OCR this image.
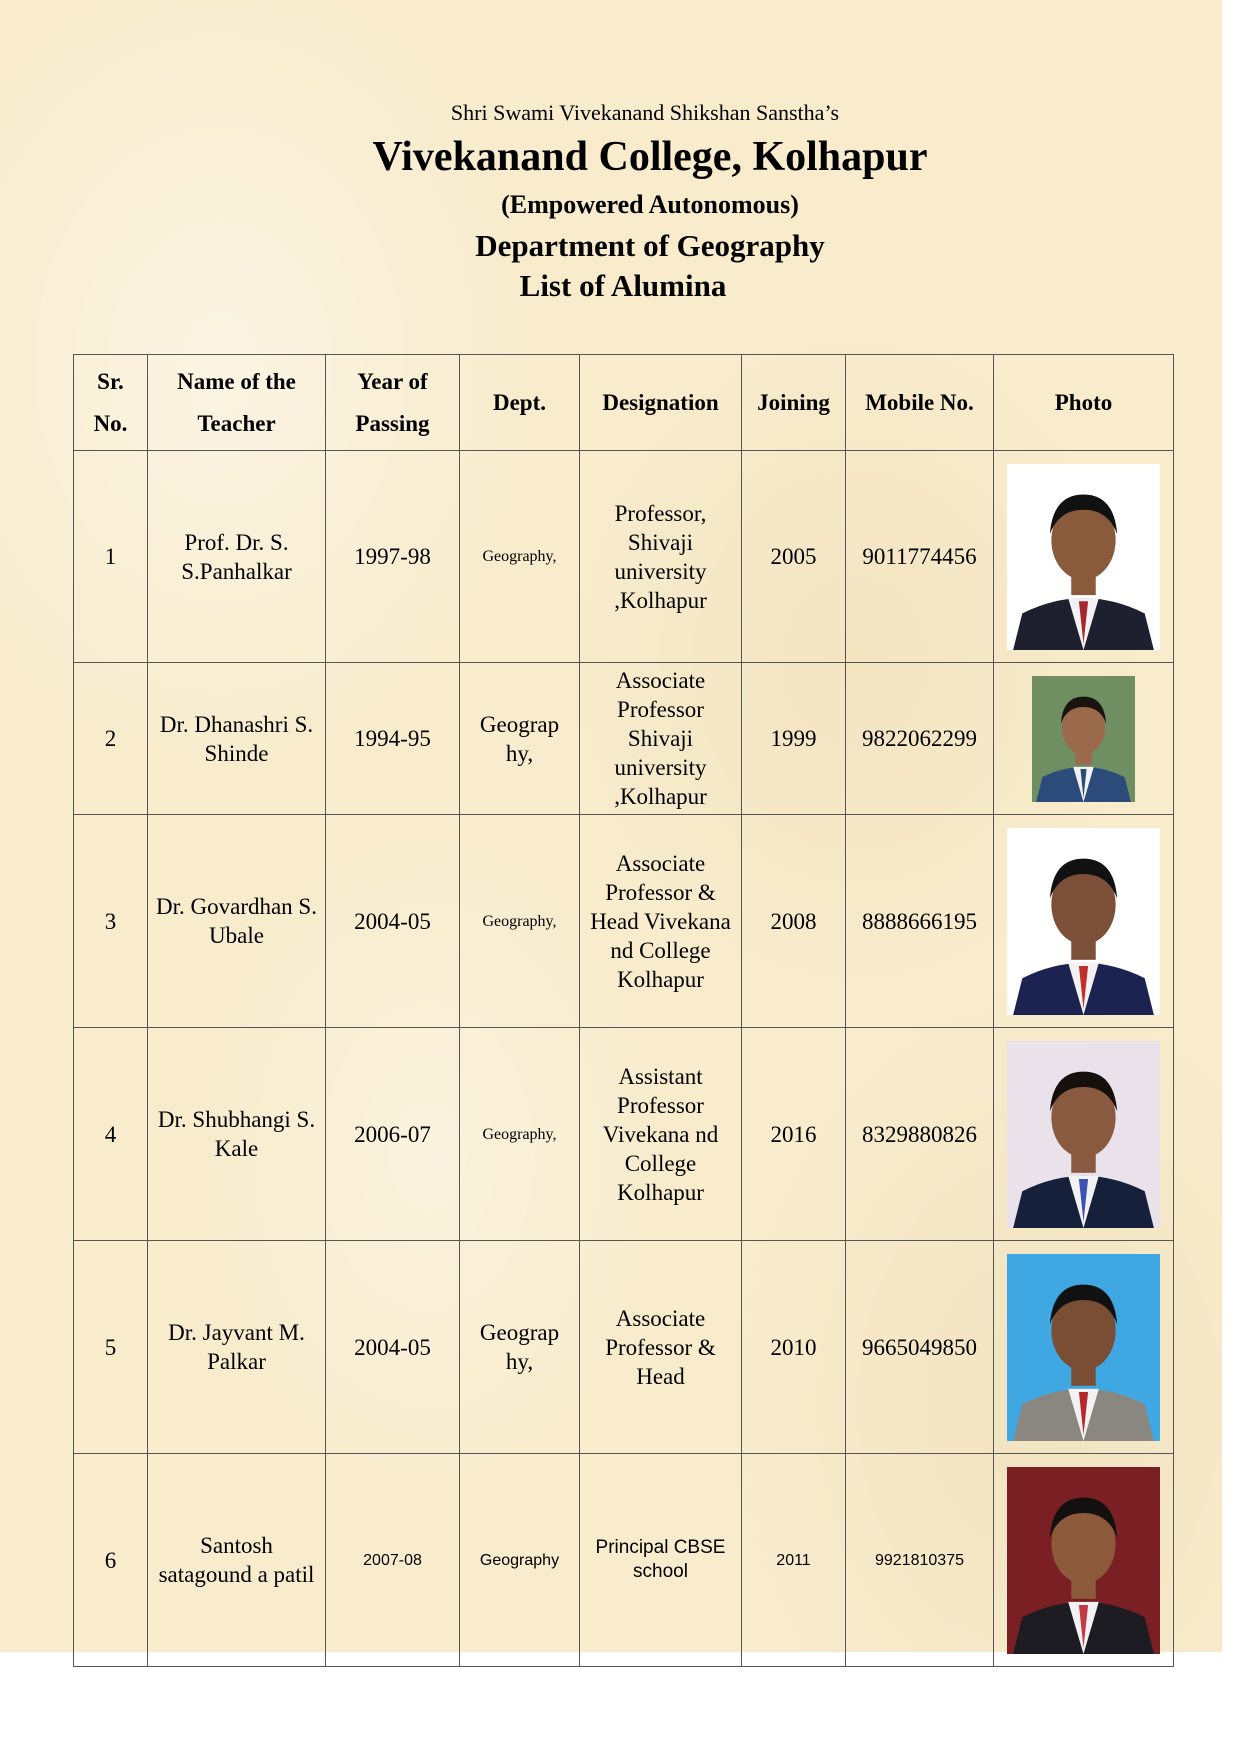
Shri Swami Vivekanand Shikshan Sanstha’s
Vivekanand College, Kolhapur
(Empowered Autonomous)
Department of Geography
List of Alumina
Sr. No.	Name of the Teacher	Year of Passing	Dept.	Designation	Joining	Mobile No.	Photo
1	Prof. Dr. S. S.Panhalkar	1997-98	Geography,	Professor, Shivaji university ,Kolhapur	2005	9011774456	

2	Dr. Dhanashri S. Shinde	1994-95	Geograp hy,	Associate Professor Shivaji university ,Kolhapur	1999	9822062299	

3	Dr. Govardhan S. Ubale	2004-05	Geography,	Associate Professor & Head Vivekana nd College Kolhapur	2008	8888666195	

4	Dr. Shubhangi S. Kale	2006-07	Geography,	Assistant Professor Vivekana nd College Kolhapur	2016	8329880826	

5	Dr. Jayvant M. Palkar	2004-05	Geograp hy,	Associate Professor & Head	2010	9665049850	

6	Santosh satagound a patil	2007-08	Geography	Principal CBSE school	2011	9921810375	
